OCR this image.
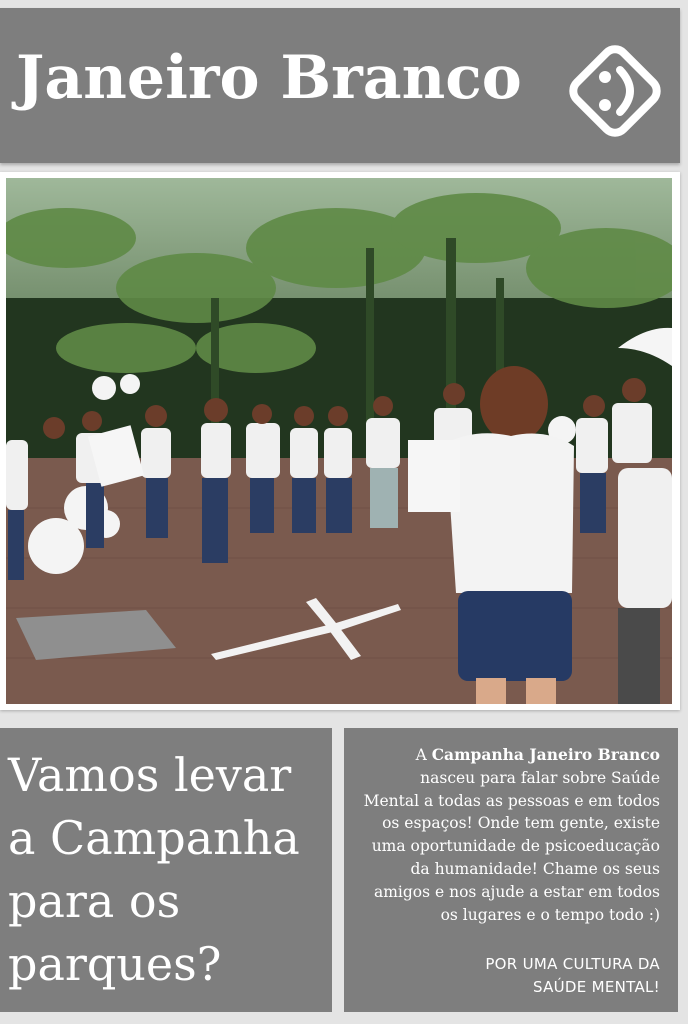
Janeiro Branco
Vamos levar
a Campanha
para os
parques?
A Campanha Janeiro Branco nasceu para falar sobre Saúde Mental a todas as pessoas e em todos os espaços! Onde tem gente, existe uma oportunidade de psicoeducação da humanidade! Chame os seus amigos e nos ajude a estar em todos os lugares e o tempo todo :)
POR UMA CULTURA DA
SAÚDE MENTAL!
